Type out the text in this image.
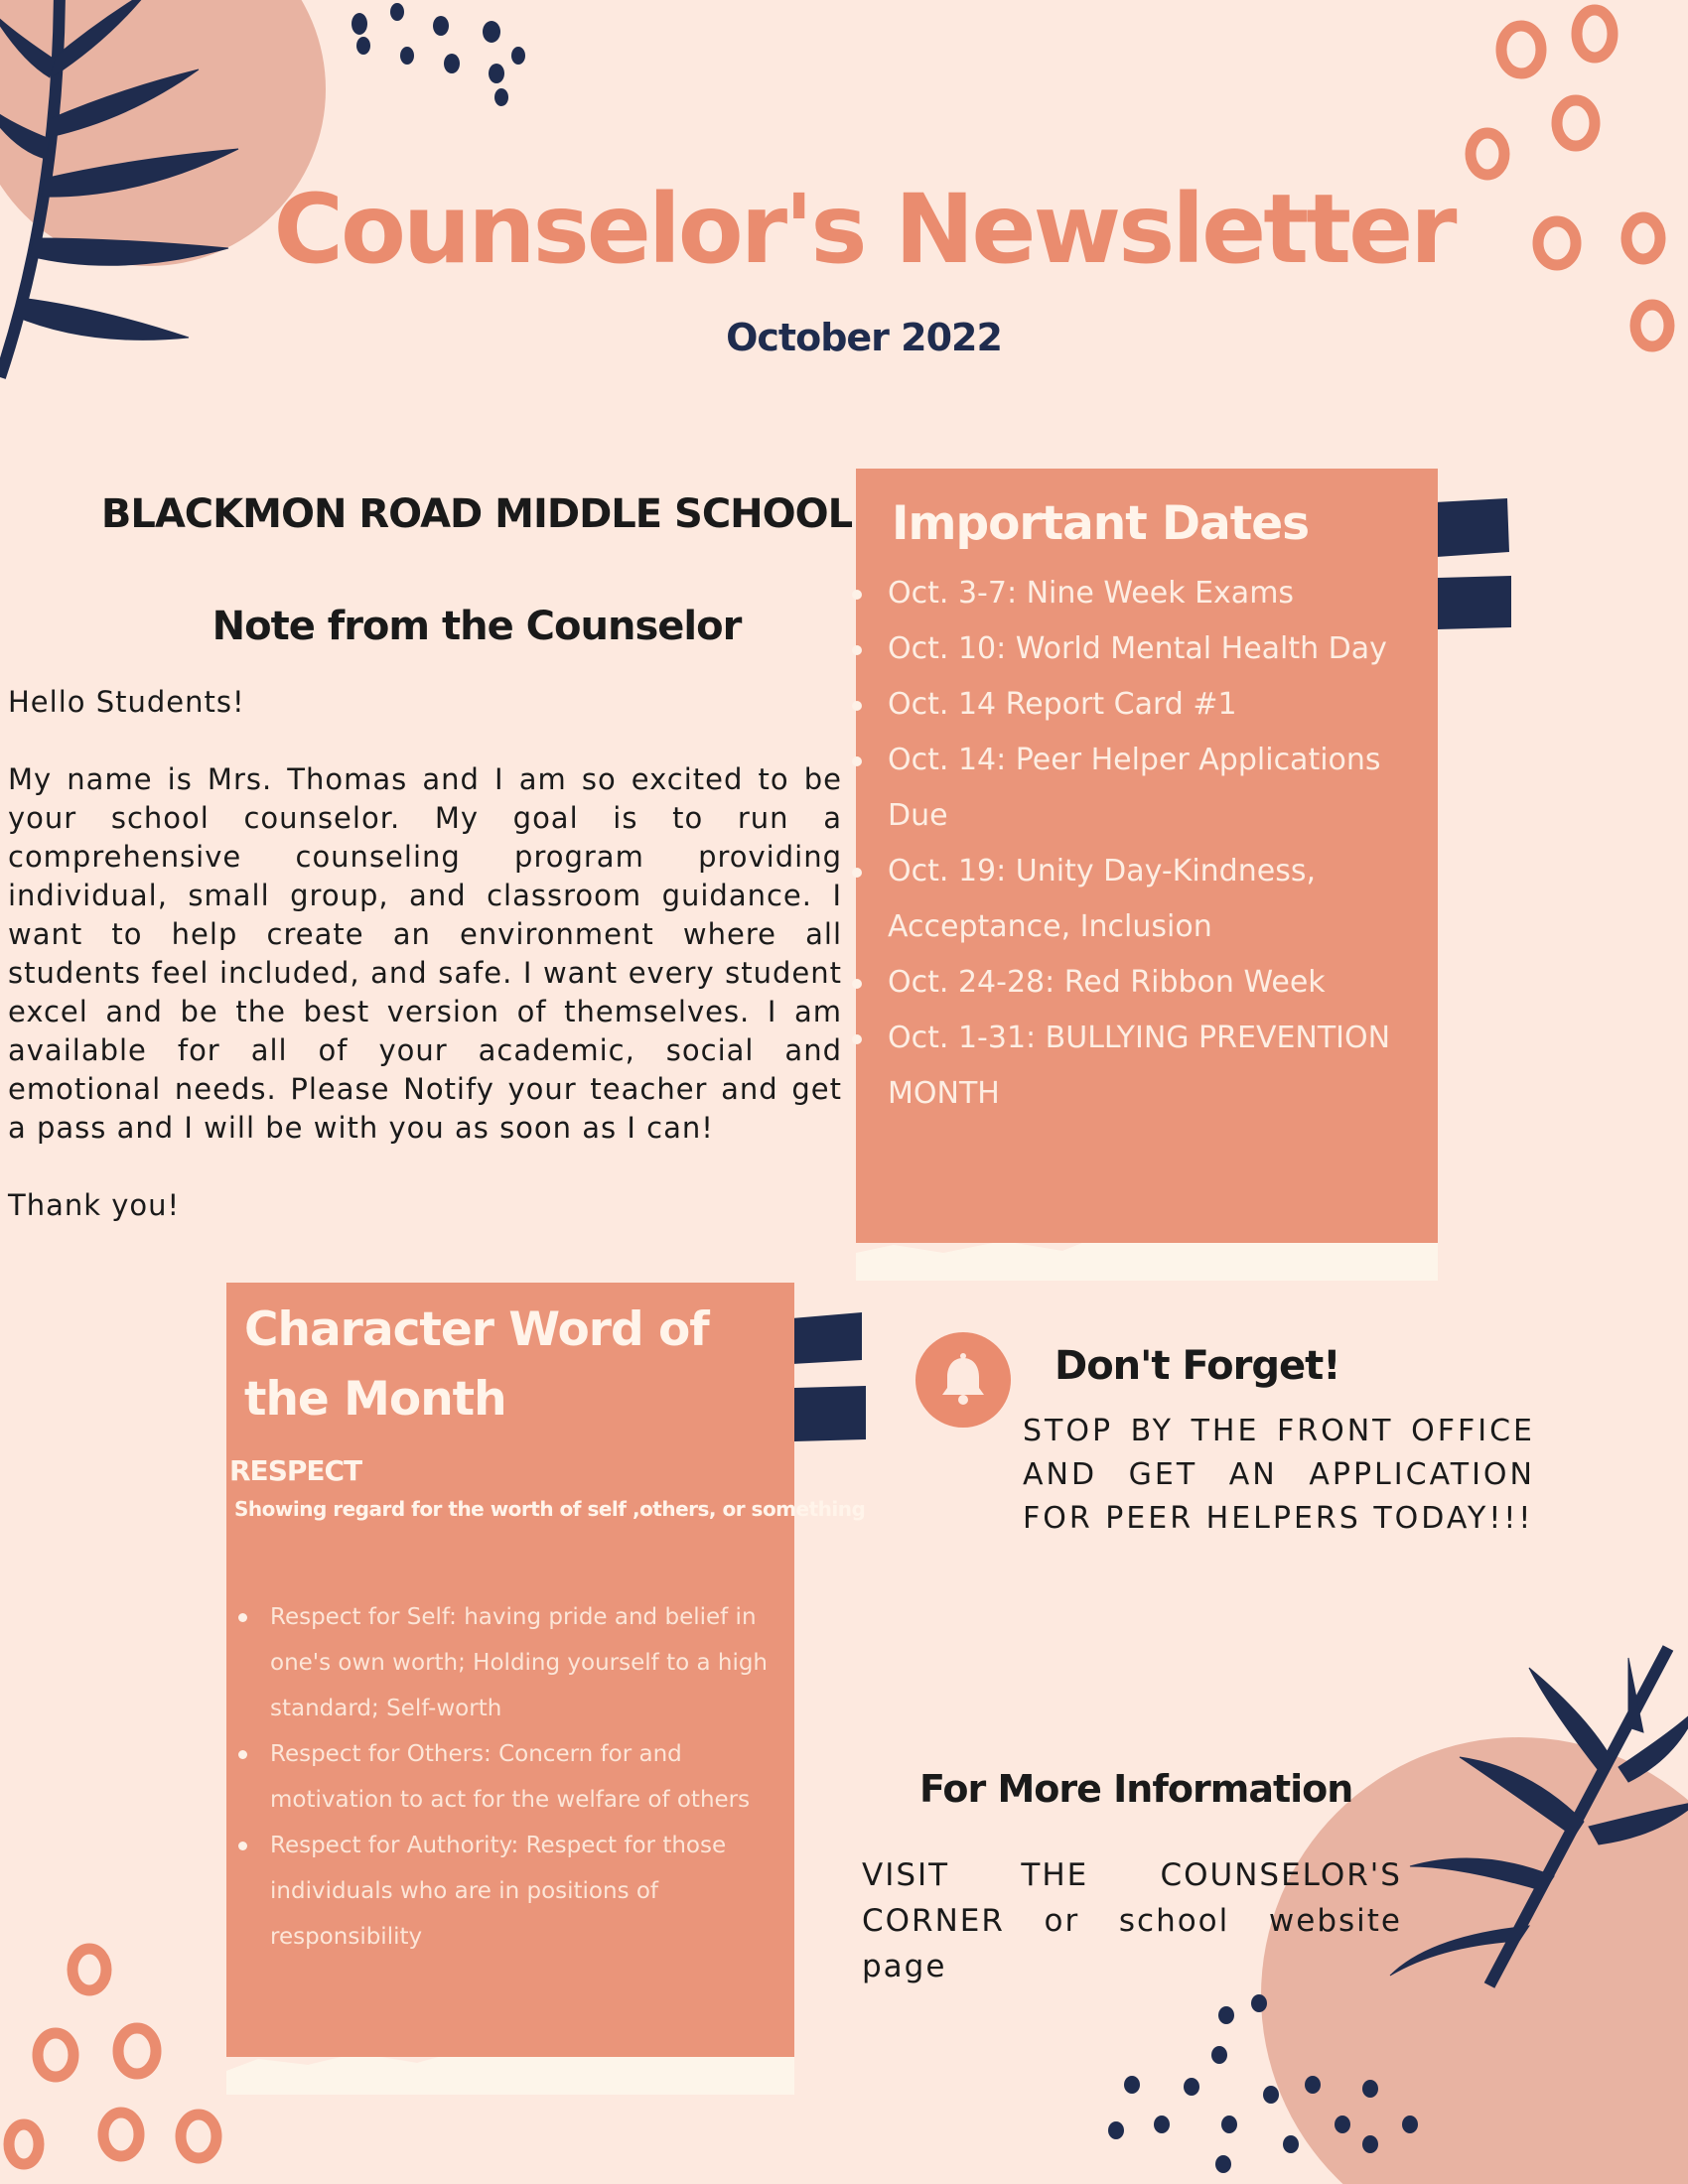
Counselor's Newsletter
October 2022
BLACKMON ROAD MIDDLE SCHOOL
Note from the Counselor

Hello Students!

My name is Mrs. Thomas and I am so excited to be your school counselor. My goal is to run a comprehensive counseling program providing individual, small group, and classroom guidance. I want to help create an environment where all students feel included, and safe. I want every student excel and be the best version of themselves. I am available for all of your academic, social and emotional needs. Please Notify your teacher and get a pass and I will be with you as soon as I can!

Thank you!

Important Dates
Oct. 3-7: Nine Week Exams
Oct. 10: World Mental Health Day
Oct. 14 Report Card #1
Oct. 14: Peer Helper Applications Due
Oct. 19: Unity Day-Kindness, Acceptance, Inclusion
Oct. 24-28: Red Ribbon Week
Oct. 1-31: BULLYING PREVENTION MONTH
Character Word of the Month
RESPECT
Showing regard for the worth of self ,others, or something
Respect for Self: having pride and belief in one's own worth; Holding yourself to a high standard; Self-worth
Respect for Others: Concern for and motivation to act for the welfare of others
Respect for Authority: Respect for those individuals who are in positions of responsibility
Don't Forget!
STOP BY THE FRONT OFFICE AND GET AN APPLICATION FOR PEER HELPERS TODAY!!!
For More Information
VISIT THE COUNSELOR'S CORNER or school website page
